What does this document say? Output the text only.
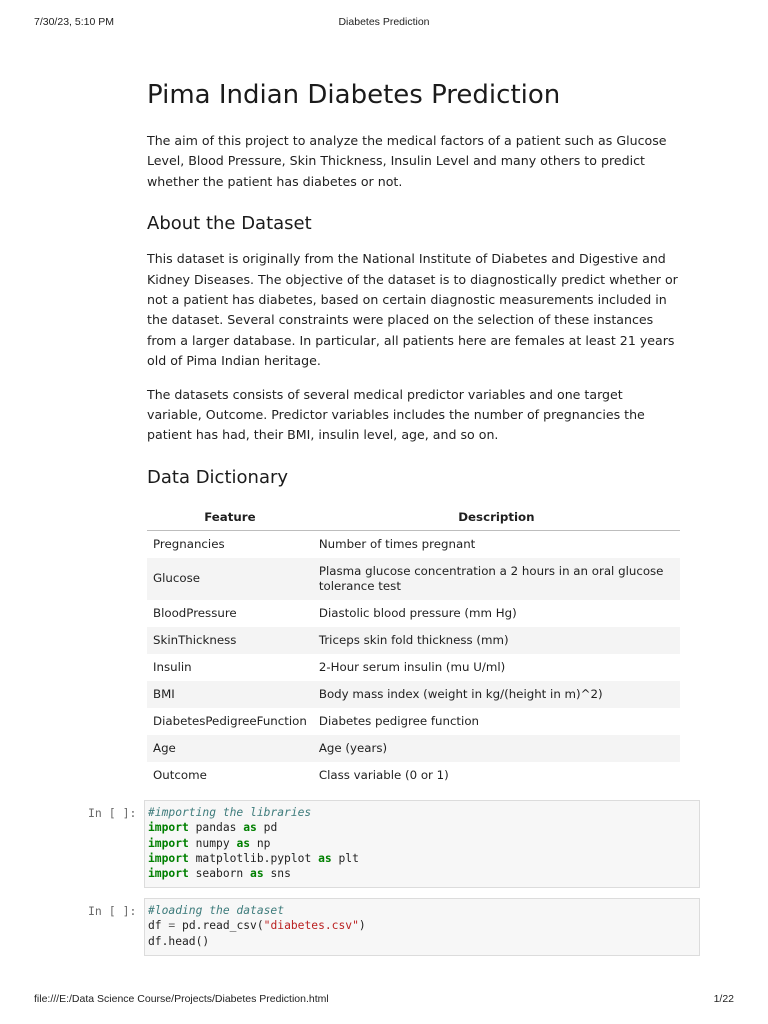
7/30/23, 5:10 PM	Diabetes Prediction
Pima Indian Diabetes Prediction

The aim of this project to analyze the medical factors of a patient such as Glucose Level, Blood Pressure, Skin Thickness, Insulin Level and many others to predict whether the patient has diabetes or not.

About the Dataset

This dataset is originally from the National Institute of Diabetes and Digestive and Kidney Diseases. The objective of the dataset is to diagnostically predict whether or not a patient has diabetes, based on certain diagnostic measurements included in the dataset. Several constraints were placed on the selection of these instances from a larger database. In particular, all patients here are females at least 21 years old of Pima Indian heritage.

The datasets consists of several medical predictor variables and one target variable, Outcome. Predictor variables includes the number of pregnancies the patient has had, their BMI, insulin level, age, and so on.

Data Dictionary
Feature	Description
Pregnancies	Number of times pregnant
Glucose	Plasma glucose concentration a 2 hours in an oral glucose tolerance test
BloodPressure	Diastolic blood pressure (mm Hg)
SkinThickness	Triceps skin fold thickness (mm)
Insulin	2-Hour serum insulin (mu U/ml)
BMI	Body mass index (weight in kg/(height in m)^2)
DiabetesPedigreeFunction	Diabetes pedigree function
Age	Age (years)
Outcome	Class variable (0 or 1)
In [ ]:	#importing the libraries
import pandas as pd
import numpy as np
import matplotlib.pyplot as plt
import seaborn as sns
In [ ]:	#loading the dataset
df = pd.read_csv("diabetes.csv")
df.head()
file:///E:/Data Science Course/Projects/Diabetes Prediction.html	1/22
